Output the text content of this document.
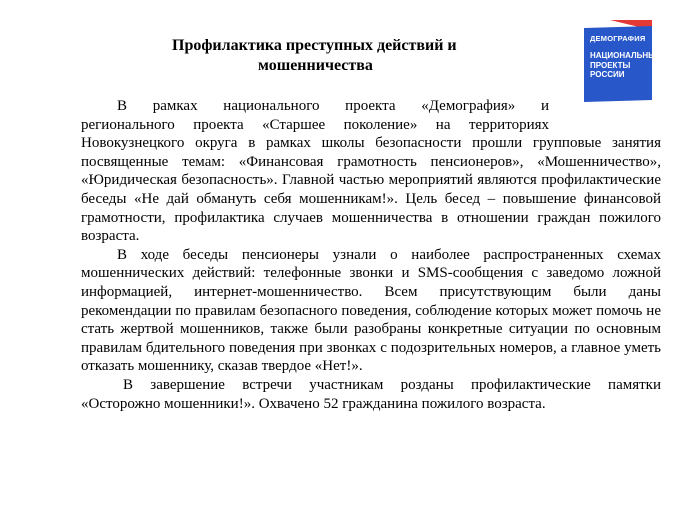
Профилактика преступных действий и
мошенничества
ДЕМОГРАФИЯ
НАЦИОНАЛЬНЫЕ
ПРОЕКТЫ
РОССИИ

В рамках национального проекта «Демография» и
регионального проекта «Старшее поколение» на территориях
Новокузнецкого округа в рамках школы безопасности прошли групповые занятия посвященные темам: «Финансовая грамотность пенсионеров», «Мошенничество», «Юридическая безопасность». Главной частью мероприятий являются профилактические беседы «Не дай обмануть себя мошенникам!». Цель бесед – повышение финансовой грамотности, профилактика случаев мошенничества в отношении граждан пожилого возраста.

В ходе беседы пенсионеры узнали о наиболее распространенных схемах мошеннических действий: телефонные звонки и SMS-сообщения с заведомо ложной информацией, интернет-мошенничество. Всем присутствующим были даны рекомендации по правилам безопасного поведения, соблюдение которых может помочь не стать жертвой мошенников, также были разобраны конкретные ситуации по основным правилам бдительного поведения при звонках с подозрительных номеров, а главное уметь отказать мошеннику, сказав твердое «Нет!».

В завершение встречи участникам розданы профилактические памятки «Осторожно мошенники!». Охвачено 52 гражданина пожилого возраста.
